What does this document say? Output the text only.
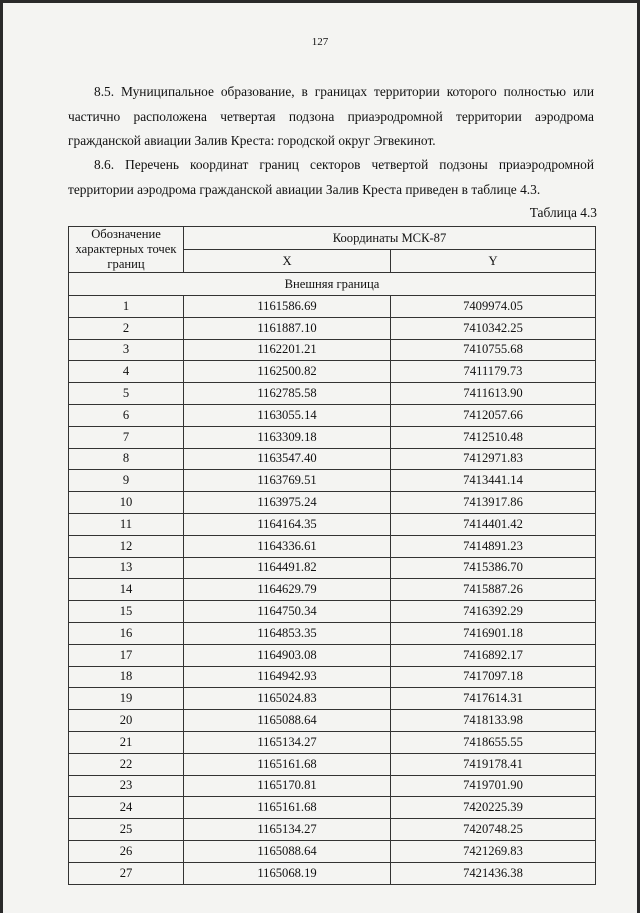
127

8.5. Муниципальное образование, в границах территории которого полностью или частично расположена четвертая подзона приаэродромной территории аэродрома гражданской авиации Залив Креста: городской округ Эгвекинот.

8.6. Перечень координат границ секторов четвертой подзоны приаэродромной территории аэродрома гражданской авиации Залив Креста приведен в таблице 4.3.

Таблица 4.3
Обозначение характерных точек границ	Координаты МСК-87	
	X	Y
Внешняя граница		
1	1161586.69	7409974.05
2	1161887.10	7410342.25
3	1162201.21	7410755.68
4	1162500.82	7411179.73
5	1162785.58	7411613.90
6	1163055.14	7412057.66
7	1163309.18	7412510.48
8	1163547.40	7412971.83
9	1163769.51	7413441.14
10	1163975.24	7413917.86
11	1164164.35	7414401.42
12	1164336.61	7414891.23
13	1164491.82	7415386.70
14	1164629.79	7415887.26
15	1164750.34	7416392.29
16	1164853.35	7416901.18
17	1164903.08	7416892.17
18	1164942.93	7417097.18
19	1165024.83	7417614.31
20	1165088.64	7418133.98
21	1165134.27	7418655.55
22	1165161.68	7419178.41
23	1165170.81	7419701.90
24	1165161.68	7420225.39
25	1165134.27	7420748.25
26	1165088.64	7421269.83
27	1165068.19	7421436.38
